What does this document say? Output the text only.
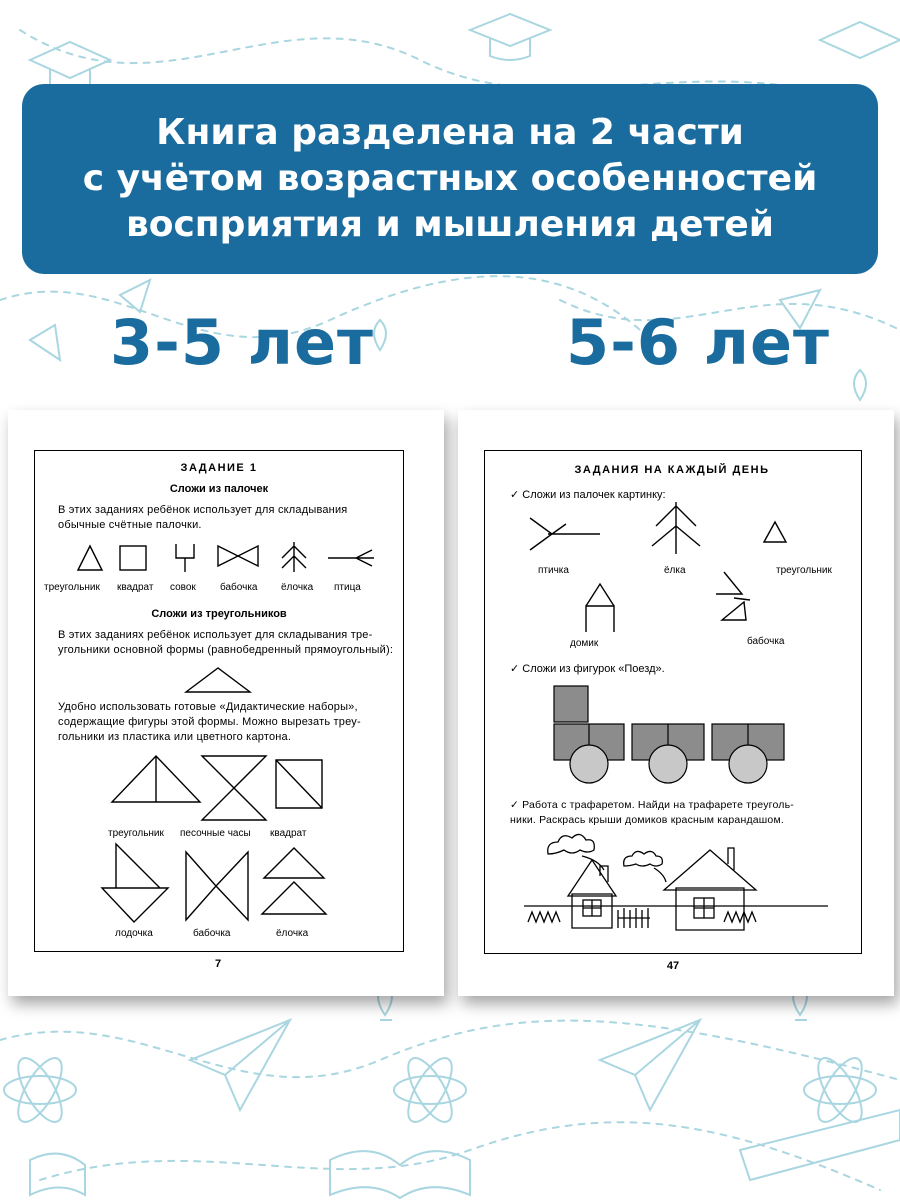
Книга разделена на 2 части
с учётом возрастных особенностей
восприятия и мышления детей
3-5 лет	5-6 лет
ЗАДАНИЕ 1
Сложи из палочек
В этих заданиях ребёнок использует для складывания
обычные счётные палочки.
треугольник квадрат совок бабочка ёлочка птица
Сложи из треугольников
В этих заданиях ребёнок использует для складывания тре-
угольники основной формы (равнобедренный прямоугольный):
Удобно использовать готовые «Дидактические наборы»,
содержащие фигуры этой формы. Можно вырезать треу-
гольники из пластика или цветного картона.
треугольник песочные часы квадрат
лодочка	бабочка	ёлочка
7
ЗАДАНИЯ НА КАЖДЫЙ ДЕНЬ
✓ Сложи из палочек картинку:
птичка	ёлка	треугольник
домик	бабочка
✓ Сложи из фигурок «Поезд».
✓ Работа с трафаретом. Найди на трафарете треуголь-
ники. Раскрась крыши домиков красным карандашом.
47
